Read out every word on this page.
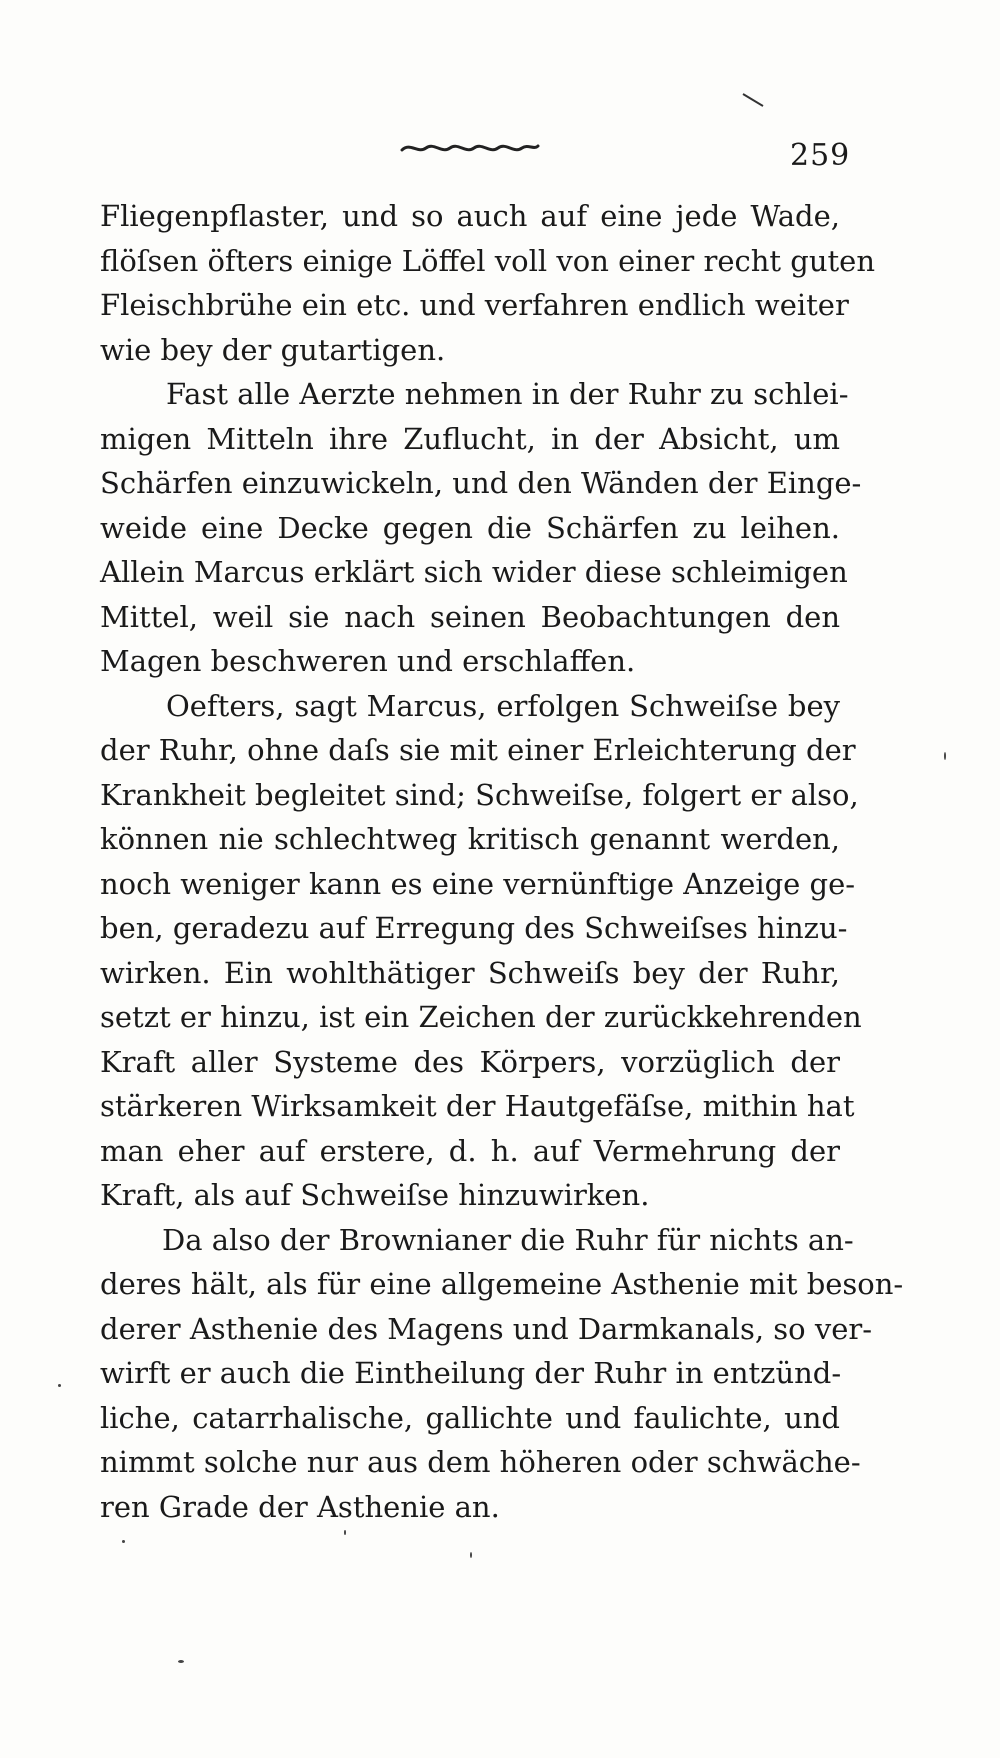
259
Fliegenpflaster, und so auch auf eine jede Wade,
flöſsen öfters einige Löffel voll von einer recht guten
Fleischbrühe ein etc. und verfahren endlich weiter
wie bey der gutartigen.
Fast alle Aerzte nehmen in der Ruhr zu schlei-
migen Mitteln ihre Zuflucht, in der Absicht, um
Schärfen einzuwickeln, und den Wänden der Einge-
weide eine Decke gegen die Schärfen zu leihen.
Allein Marcus erklärt sich wider diese schleimigen
Mittel, weil sie nach seinen Beobachtungen den
Magen beschweren und erschlaffen.
Oefters, sagt Marcus, erfolgen Schweiſse bey
der Ruhr, ohne daſs sie mit einer Erleichterung der
Krankheit begleitet sind; Schweiſse, folgert er also,
können nie schlechtweg kritisch genannt werden,
noch weniger kann es eine vernünftige Anzeige ge-
ben, geradezu auf Erregung des Schweiſses hinzu-
wirken. Ein wohlthätiger Schweiſs bey der Ruhr,
setzt er hinzu, ist ein Zeichen der zurückkehrenden
Kraft aller Systeme des Körpers, vorzüglich der
stärkeren Wirksamkeit der Hautgefäſse, mithin hat
man eher auf erstere, d. h. auf Vermehrung der
Kraft, als auf Schweiſse hinzuwirken.
Da also der Brownianer die Ruhr für nichts an-
deres hält, als für eine allgemeine Asthenie mit beson-
derer Asthenie des Magens und Darmkanals, so ver-
wirft er auch die Eintheilung der Ruhr in entzünd-
liche, catarrhalische, gallichte und faulichte, und
nimmt solche nur aus dem höheren oder schwäche-
ren Grade der Asthenie an.
